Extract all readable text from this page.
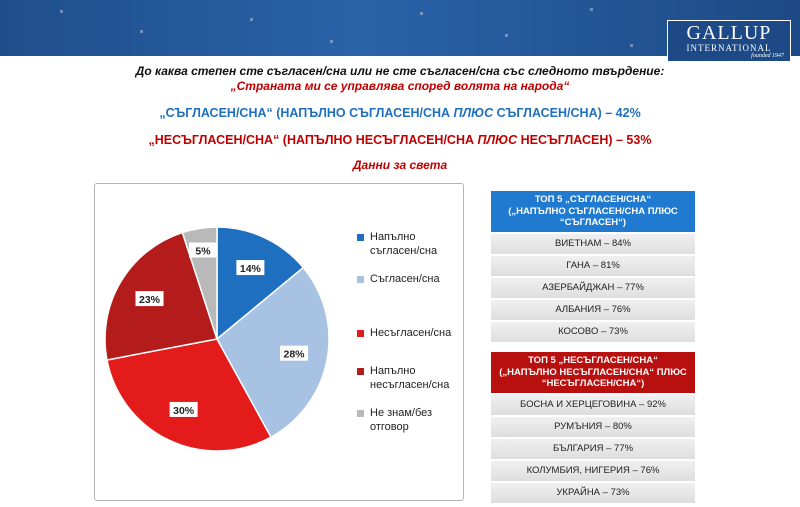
GALLUP
INTERNATIONAL
founded 1947
До каква степен сте съгласен/сна или не сте съгласен/сна със следното твърдение:
„Страната ми се управлява според волята на народа“
„СЪГЛАСЕН/СНА“ (НАПЪЛНО СЪГЛАСЕН/СНА ПЛЮС СЪГЛАСЕН/СНА) – 42%
„НЕСЪГЛАСЕН/СНА“ (НАПЪЛНО НЕСЪГЛАСЕН/СНА ПЛЮС НЕСЪГЛАСЕН) – 53%
Данни за света
14%
28%
30%
23%
5%
Напълно
съгласен/сна
Съгласен/сна
Несъгласен/сна
Напълно
несъгласен/сна
Не знам/без
отговор
ТОП 5 „СЪГЛАСЕН/СНА“
(„НАПЪЛНО СЪГЛАСЕН/СНА ПЛЮС
“СЪГЛАСЕН“)
ВИЕТНАМ – 84%
ГАНА – 81%
АЗЕРБАЙДЖАН – 77%
АЛБАНИЯ – 76%
КОСОВО – 73%
ТОП 5 „НЕСЪГЛАСЕН/СНА“
(„НАПЪЛНО НЕСЪГЛАСЕН/СНА“ ПЛЮС
“НЕСЪГЛАСЕН/СНА“)
БОСНА И ХЕРЦЕГОВИНА – 92%
РУМЪНИЯ – 80%
БЪЛГАРИЯ – 77%
КОЛУМБИЯ, НИГЕРИЯ – 76%
УКРАЙНА – 73%
